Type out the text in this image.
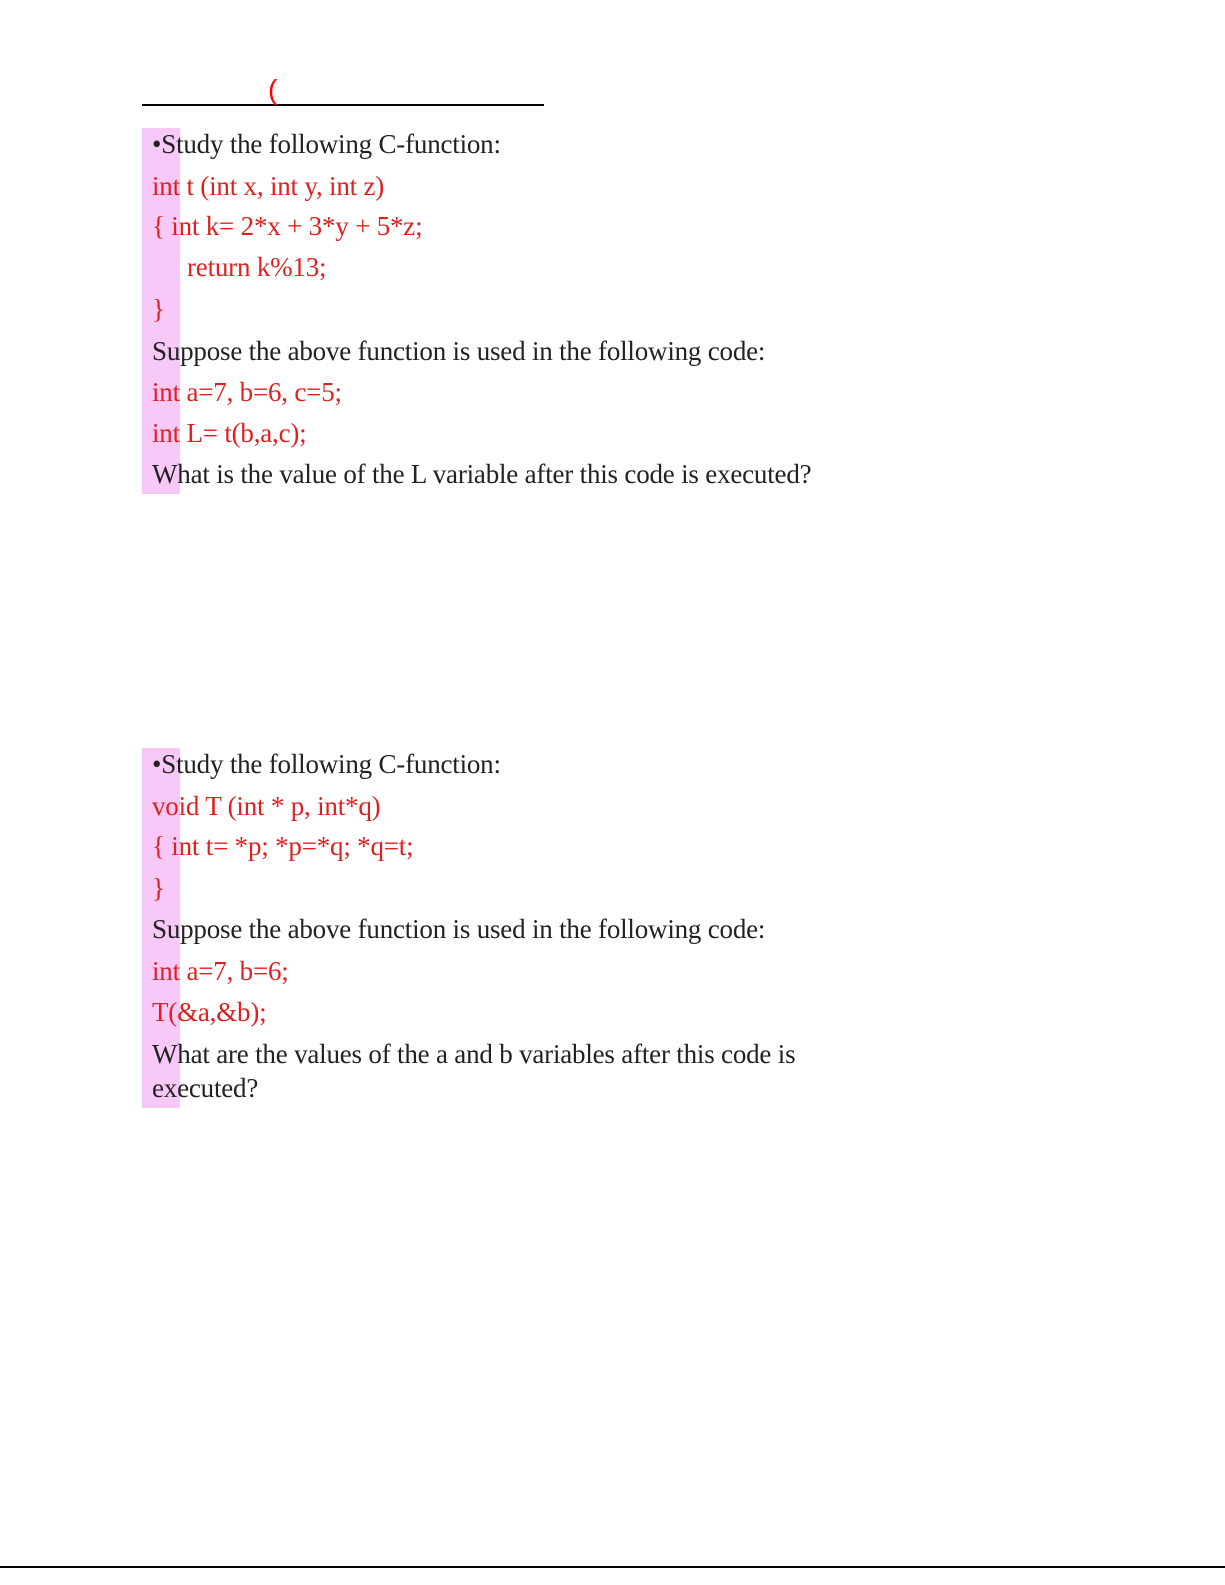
(
•Study the following C-function:
int t (int x, int y, int z)
{ int k= 2*x + 3*y + 5*z;
return k%13;
}
Suppose the above function is used in the following code:
int a=7, b=6, c=5;
int L= t(b,a,c);
What is the value of the L variable after this code is executed?
•Study the following C-function:
void T (int * p, int*q)
{ int t= *p; *p=*q; *q=t;
}
Suppose the above function is used in the following code:
int a=7, b=6;
T(&a,&b);
What are the values of the a and b variables after this code is
executed?
